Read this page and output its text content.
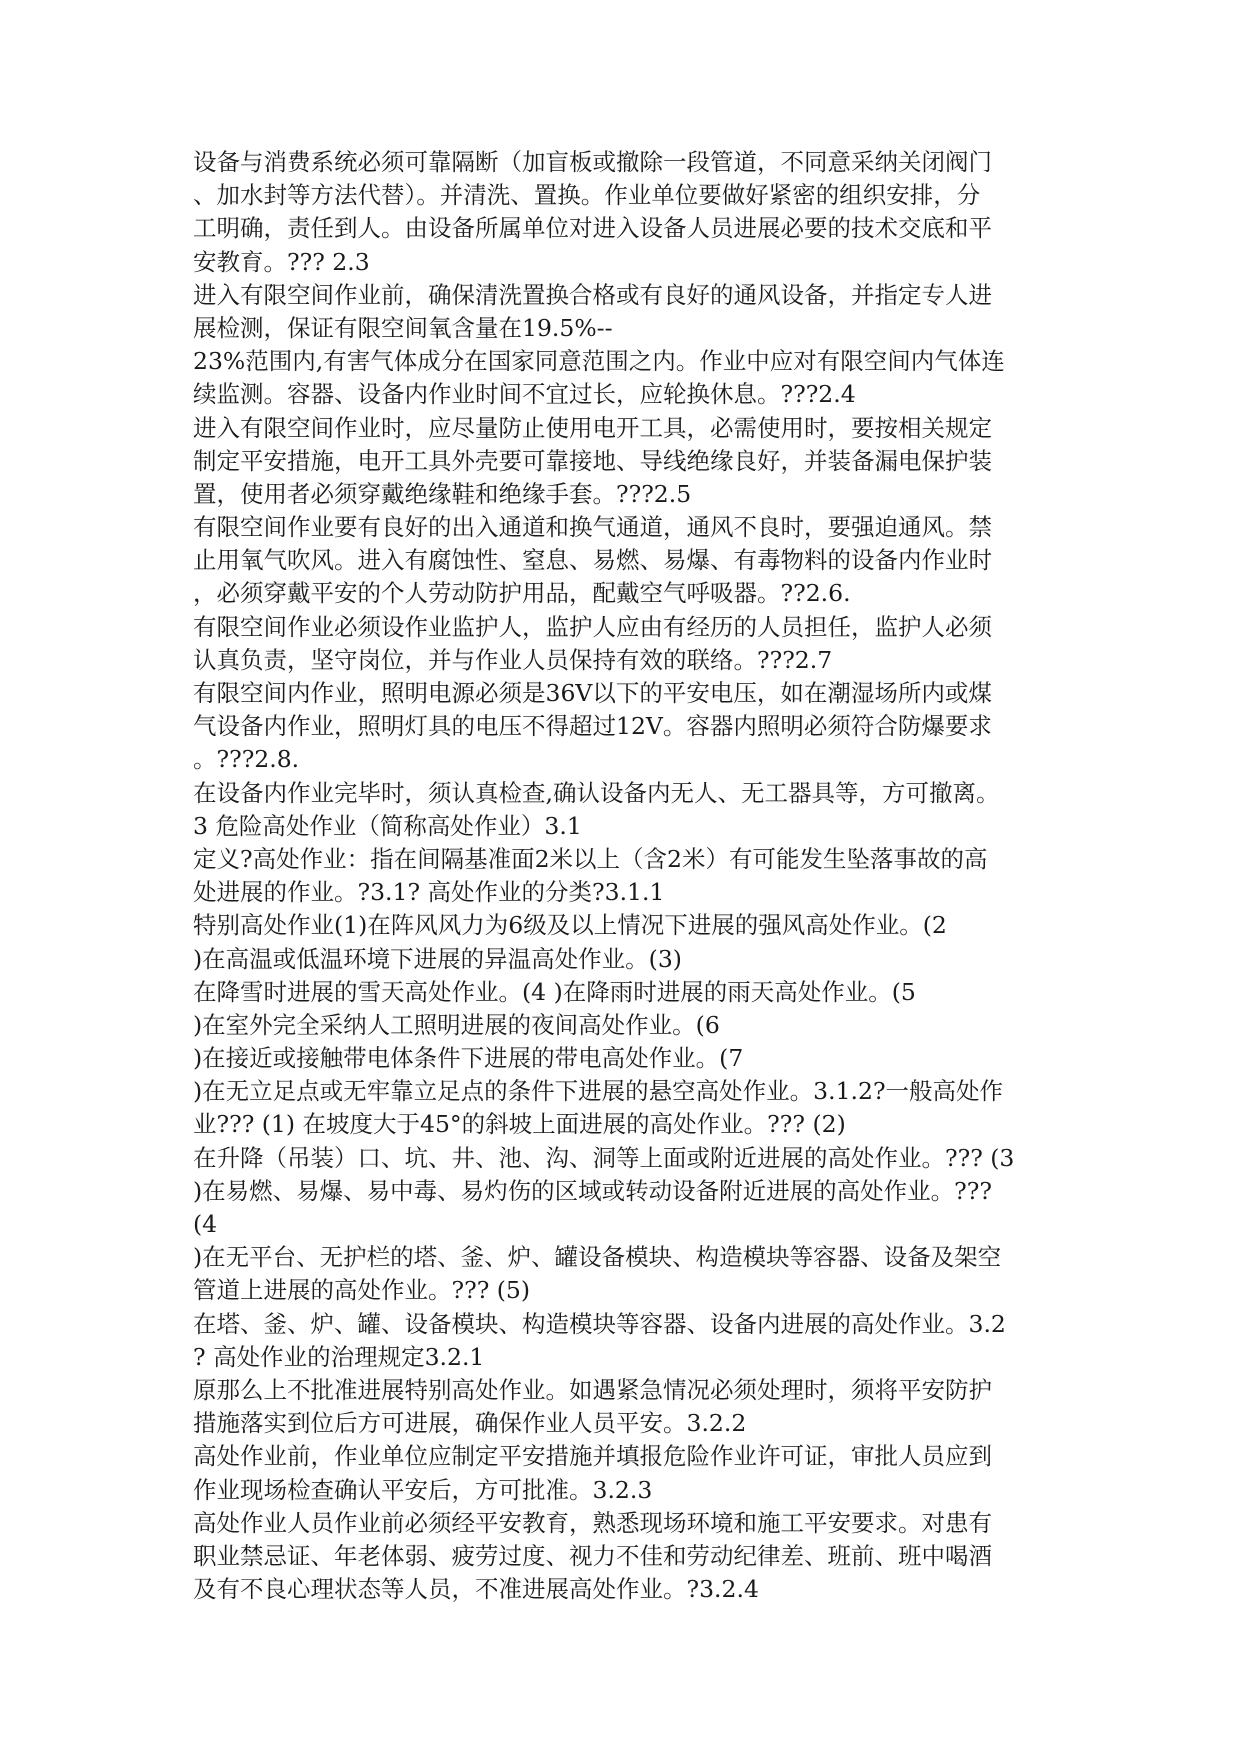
设备与消费系统必须可靠隔断（加盲板或撤除一段管道，不同意采纳关闭阀门
、加水封等方法代替）。并清洗、置换。作业单位要做好紧密的组织安排，分
工明确，责任到人。由设备所属单位对进入设备人员进展必要的技术交底和平
安教育。??? 2.3
进入有限空间作业前，确保清洗置换合格或有良好的通风设备，并指定专人进
展检测，保证有限空间氧含量在19.5%--
23%范围内,有害气体成分在国家同意范围之内。作业中应对有限空间内气体连
续监测。容器、设备内作业时间不宜过长，应轮换休息。???2.4
进入有限空间作业时，应尽量防止使用电开工具，必需使用时，要按相关规定
制定平安措施，电开工具外壳要可靠接地、导线绝缘良好，并装备漏电保护装
置，使用者必须穿戴绝缘鞋和绝缘手套。???2.5
有限空间作业要有良好的出入通道和换气通道，通风不良时，要强迫通风。禁
止用氧气吹风。进入有腐蚀性、窒息、易燃、易爆、有毒物料的设备内作业时
，必须穿戴平安的个人劳动防护用品，配戴空气呼吸器。??2.6.
有限空间作业必须设作业监护人，监护人应由有经历的人员担任，监护人必须
认真负责，坚守岗位，并与作业人员保持有效的联络。???2.7
有限空间内作业，照明电源必须是36V以下的平安电压，如在潮湿场所内或煤
气设备内作业，照明灯具的电压不得超过12V。容器内照明必须符合防爆要求
。???2.8.
在设备内作业完毕时，须认真检查,确认设备内无人、无工器具等，方可撤离。
3 危险高处作业（简称高处作业）3.1
定义?高处作业：指在间隔基准面2米以上（含2米）有可能发生坠落事故的高
处进展的作业。?3.1? 高处作业的分类?3.1.1
特别高处作业(1)在阵风风力为6级及以上情况下进展的强风高处作业。(2
)在高温或低温环境下进展的异温高处作业。(3)
在降雪时进展的雪天高处作业。(4 )在降雨时进展的雨天高处作业。(5
)在室外完全采纳人工照明进展的夜间高处作业。(6
)在接近或接触带电体条件下进展的带电高处作业。(7
)在无立足点或无牢靠立足点的条件下进展的悬空高处作业。3.1.2?一般高处作
业??? (1) 在坡度大于45°的斜坡上面进展的高处作业。??? (2)
在升降（吊装）口、坑、井、池、沟、洞等上面或附近进展的高处作业。??? (3
)在易燃、易爆、易中毒、易灼伤的区域或转动设备附近进展的高处作业。???
(4
)在无平台、无护栏的塔、釜、炉、罐设备模块、构造模块等容器、设备及架空
管道上进展的高处作业。??? (5)
在塔、釜、炉、罐、设备模块、构造模块等容器、设备内进展的高处作业。3.2
? 高处作业的治理规定3.2.1
原那么上不批准进展特别高处作业。如遇紧急情况必须处理时，须将平安防护
措施落实到位后方可进展，确保作业人员平安。3.2.2
高处作业前，作业单位应制定平安措施并填报危险作业许可证，审批人员应到
作业现场检查确认平安后，方可批准。3.2.3
高处作业人员作业前必须经平安教育，熟悉现场环境和施工平安要求。对患有
职业禁忌证、年老体弱、疲劳过度、视力不佳和劳动纪律差、班前、班中喝酒
及有不良心理状态等人员，不准进展高处作业。?3.2.4
